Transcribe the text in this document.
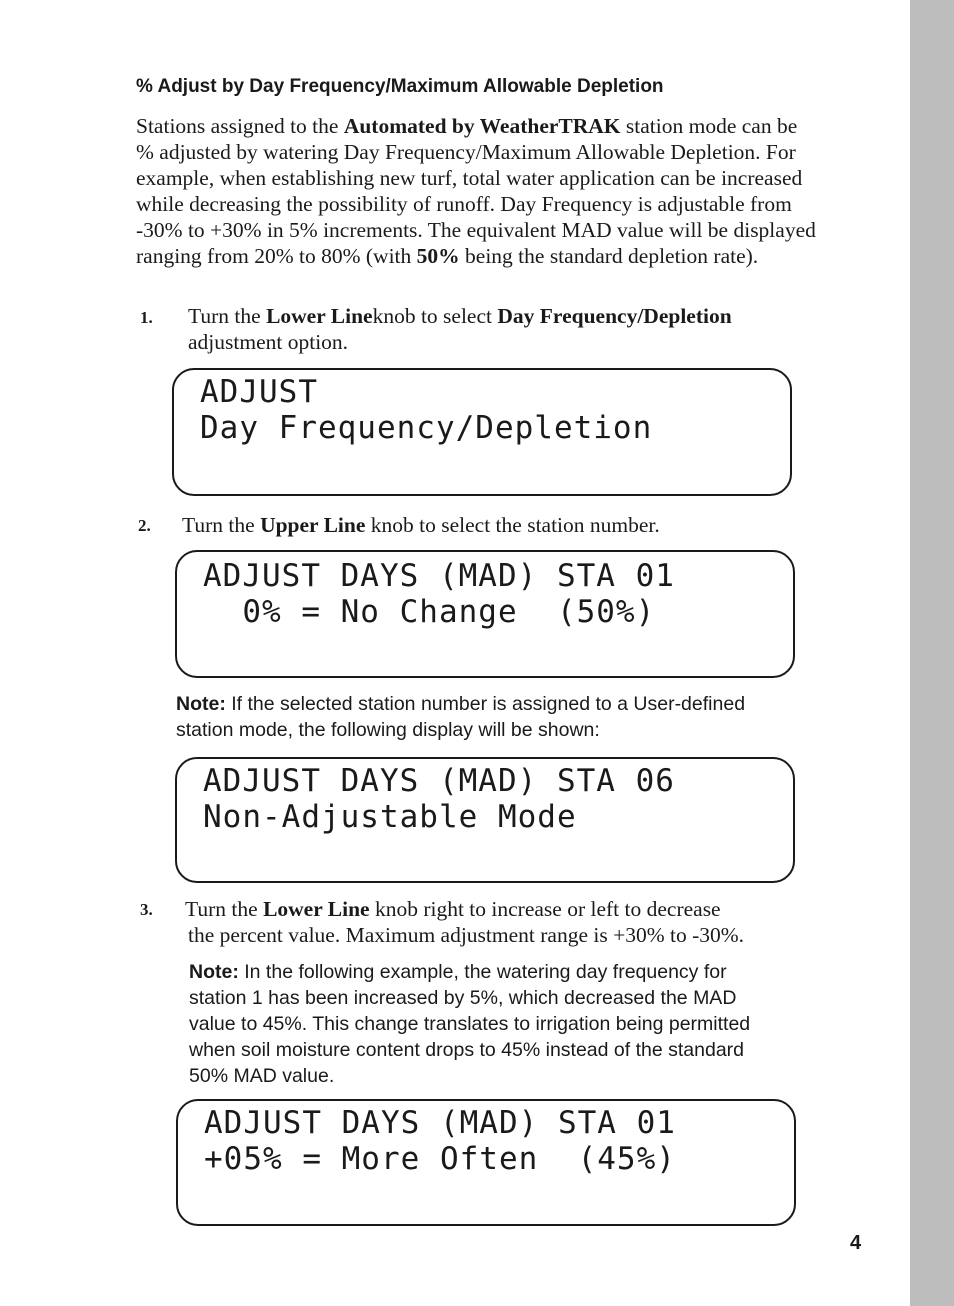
% Adjust by Day Frequency/Maximum Allowable Depletion
Stations assigned to the Automated by WeatherTRAK station mode can be % adjusted by watering Day Frequency/Maximum Allowable Depletion. For example, when establishing new turf, total water application can be increased while decreasing the possibility of runoff. Day Frequency is adjustable from -30% to +30% in 5% increments. The equivalent MAD value will be displayed ranging from 20% to 80% (with 50% being the standard depletion rate).
1. Turn the Lower Lineknob to select Day Frequency/Depletion
adjustment option.
ADJUST
Day Frequency/Depletion
2. Turn the Upper Line knob to select the station number.
ADJUST DAYS (MAD) STA 01
0% = No Change  (50%)
Note: If the selected station number is assigned to a User-defined
station mode, the following display will be shown:
ADJUST DAYS (MAD) STA 06
Non-Adjustable Mode
3. Turn the Lower Line knob right to increase or left to decrease
the percent value. Maximum adjustment range is +30% to -30%.
Note: In the following example, the watering day frequency for
station 1 has been increased by 5%, which decreased the MAD
value to 45%. This change translates to irrigation being permitted
when soil moisture content drops to 45% instead of the standard
50% MAD value.
ADJUST DAYS (MAD) STA 01
+05% = More Often  (45%)
4
